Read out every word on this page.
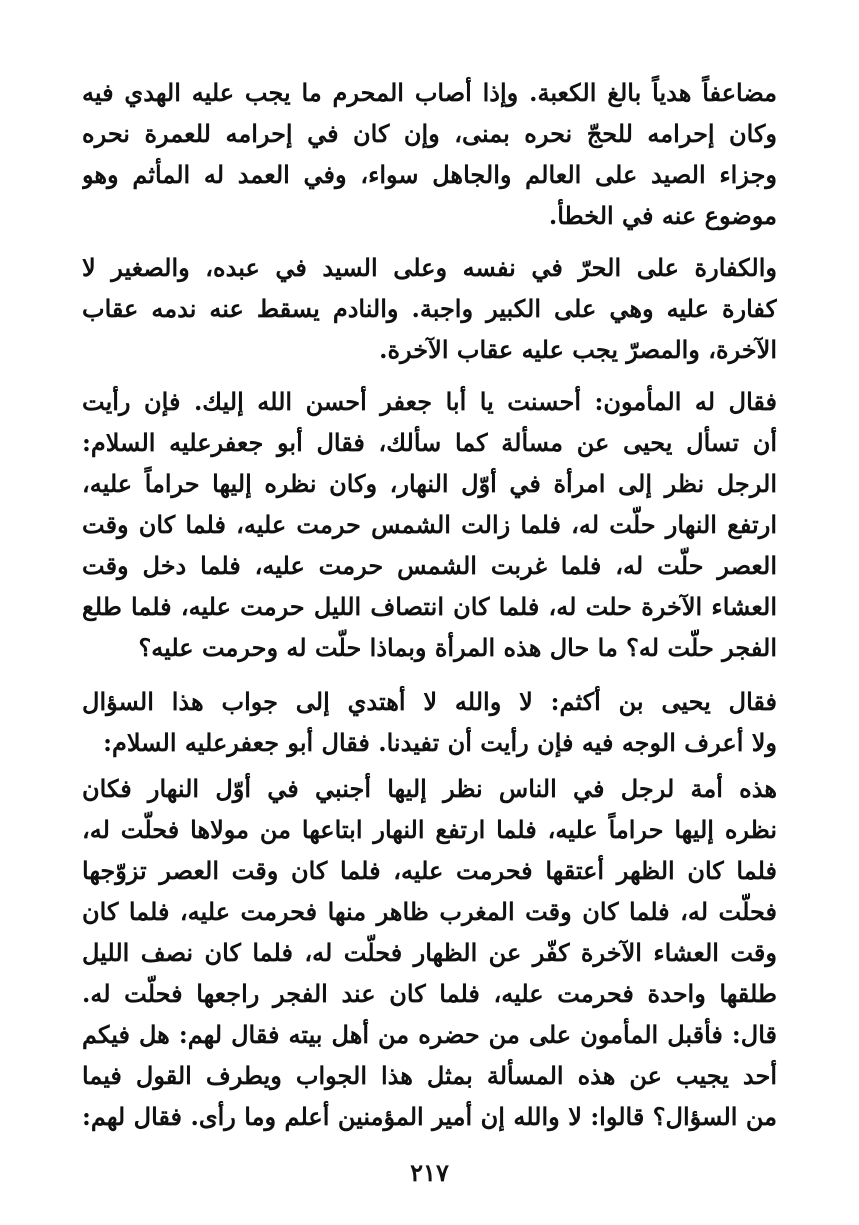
مضاعفاً هدياً بالغ الكعبة. وإذا أصاب المحرم ما يجب عليه الهدي فيه
وكان إحرامه للحجّ نحره بمنى، وإن كان في إحرامه للعمرة نحره
وجزاء الصيد على العالم والجاهل سواء، وفي العمد له المأثم وهو
موضوع عنه في الخطأ.
والكفارة على الحرّ في نفسه وعلى السيد في عبده، والصغير لا
كفارة عليه وهي على الكبير واجبة. والنادم يسقط عنه ندمه عقاب
الآخرة، والمصرّ يجب عليه عقاب الآخرة.
فقال له المأمون: أحسنت يا أبا جعفر أحسن الله إليك. فإن رأيت
أن تسأل يحيى عن مسألة كما سألك، فقال أبو جعفرعليه السلام:
الرجل نظر إلى امرأة في أوّل النهار، وكان نظره إليها حراماً عليه،
ارتفع النهار حلّت له، فلما زالت الشمس حرمت عليه، فلما كان وقت
العصر حلّت له، فلما غربت الشمس حرمت عليه، فلما دخل وقت
العشاء الآخرة حلت له، فلما كان انتصاف الليل حرمت عليه، فلما طلع
الفجر حلّت له؟ ما حال هذه المرأة وبماذا حلّت له وحرمت عليه؟
فقال يحيى بن أكثم: لا والله لا أهتدي إلى جواب هذا السؤال
ولا أعرف الوجه فيه فإن رأيت أن تفيدنا. فقال أبو جعفرعليه السلام:
هذه أمة لرجل في الناس نظر إليها أجنبي في أوّل النهار فكان
نظره إليها حراماً عليه، فلما ارتفع النهار ابتاعها من مولاها فحلّت له،
فلما كان الظهر أعتقها فحرمت عليه، فلما كان وقت العصر تزوّجها
فحلّت له، فلما كان وقت المغرب ظاهر منها فحرمت عليه، فلما كان
وقت العشاء الآخرة كفّر عن الظهار فحلّت له، فلما كان نصف الليل
طلقها واحدة فحرمت عليه، فلما كان عند الفجر راجعها فحلّت له.
قال: فأقبل المأمون على من حضره من أهل بيته فقال لهم: هل فيكم
أحد يجيب عن هذه المسألة بمثل هذا الجواب ويطرف القول فيما
من السؤال؟ قالوا: لا والله إن أمير المؤمنين أعلم وما رأى. فقال لهم:
٢١٧
